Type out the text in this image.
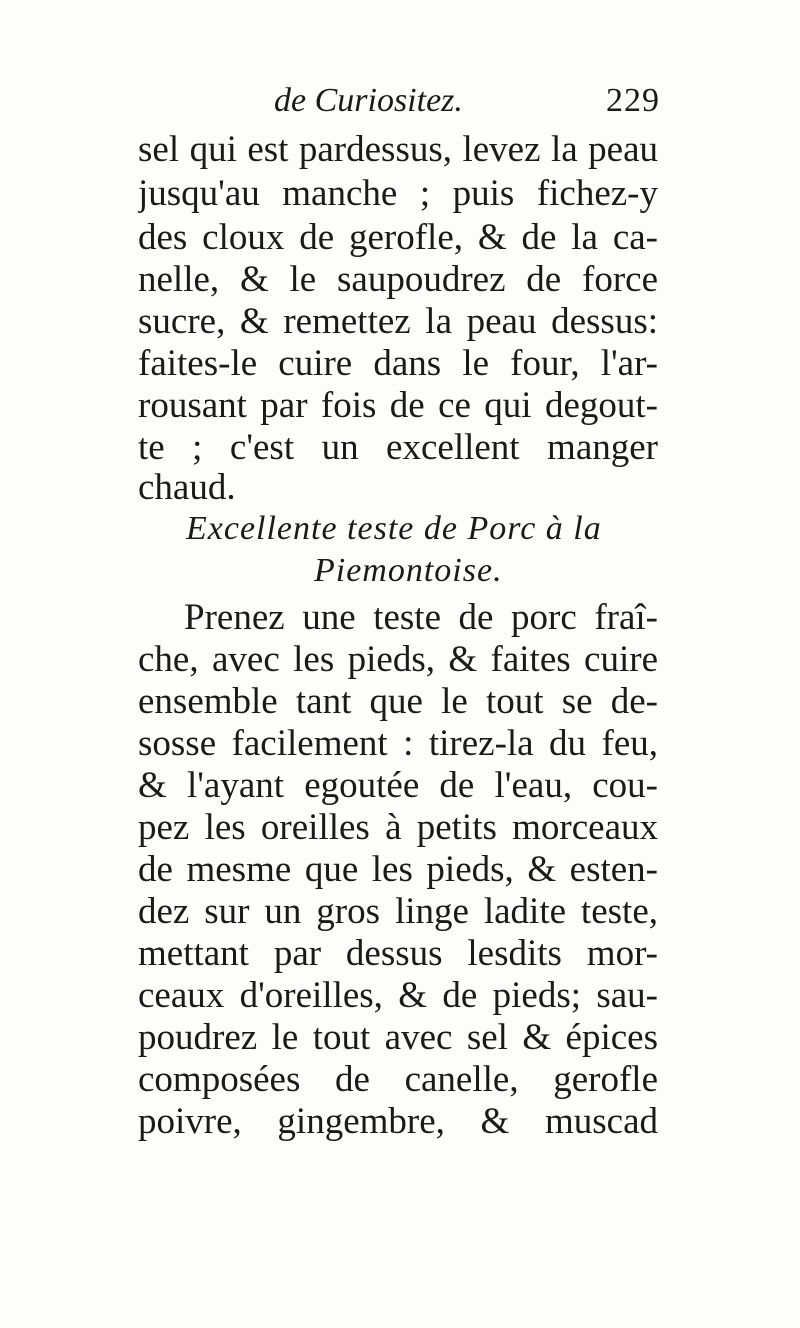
de Curiositez.	229
sel qui est pardessus, levez la peau
jusqu'au manche ; puis fichez-y
des cloux de gerofle, & de la ca-
nelle, & le saupoudrez de force
sucre, & remettez la peau dessus:
faites-le cuire dans le four, l'ar-
rousant par fois de ce qui degout-
te ; c'est un excellent manger
chaud.
Excellente teste de Porc à la
Piemontoise.
Prenez une teste de porc fraî-
che, avec les pieds, & faites cuire
ensemble tant que le tout se de-
sosse facilement : tirez-la du feu,
& l'ayant egoutée de l'eau, cou-
pez les oreilles à petits morceaux
de mesme que les pieds, & esten-
dez sur un gros linge ladite teste,
mettant par dessus lesdits mor-
ceaux d'oreilles, & de pieds; sau-
poudrez le tout avec sel & épices
composées de canelle, gerofle
poivre, gingembre, & muscad
